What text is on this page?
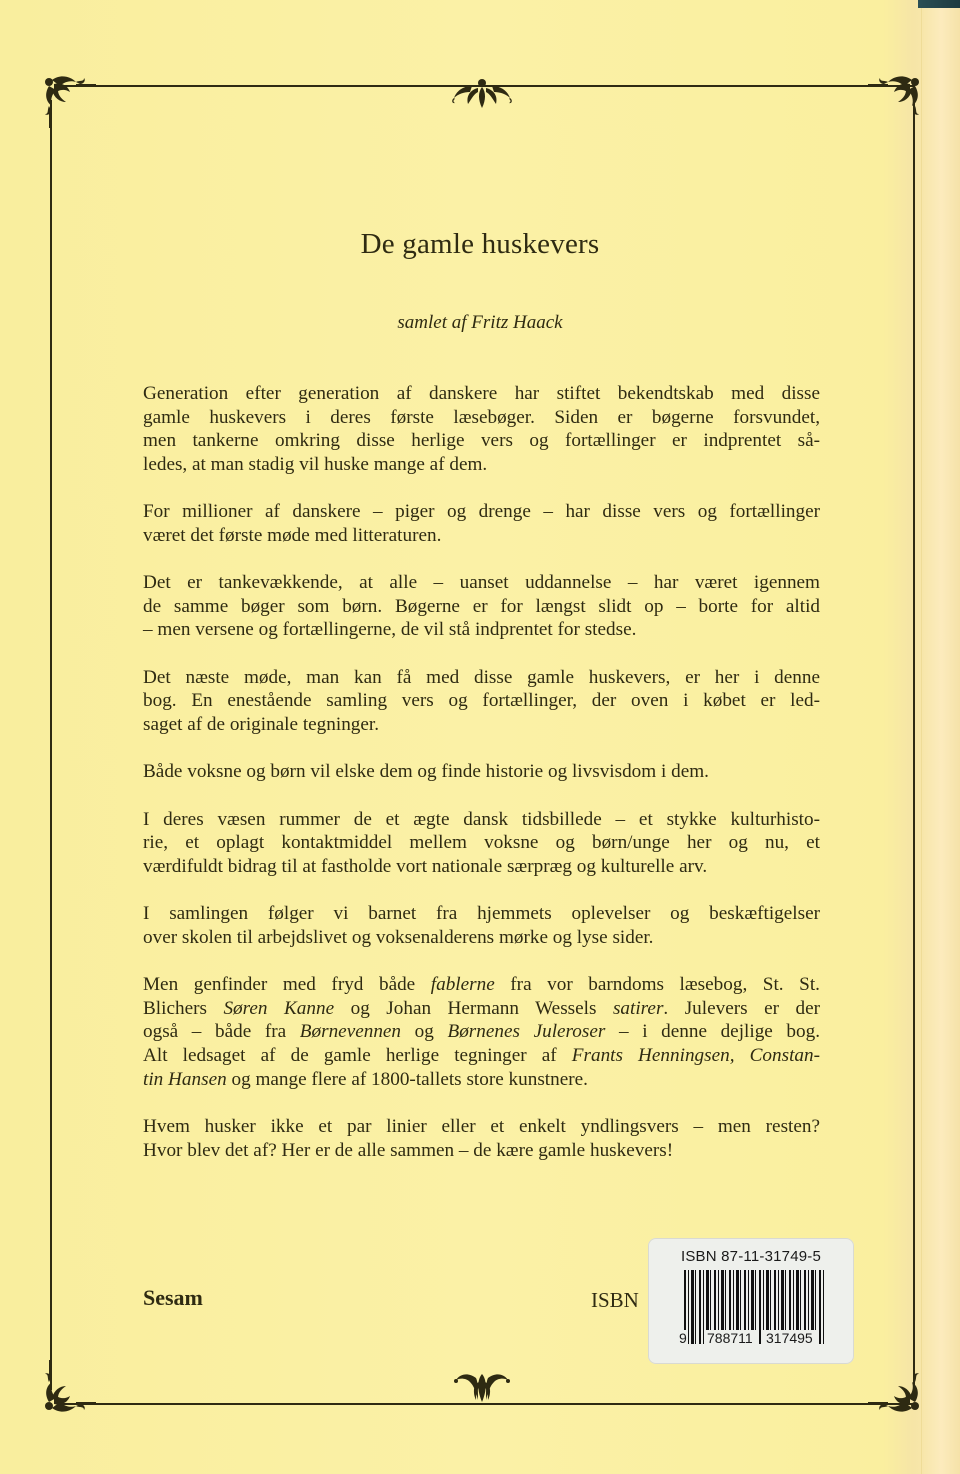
De gamle huskevers
samlet af Fritz Haack

Generation efter generation af danskere har stiftet bekendtskab med disse
gamle huskevers i deres første læsebøger. Siden er bøgerne forsvundet,
men tankerne omkring disse herlige vers og fortællinger er indprentet så-
ledes, at man stadig vil huske mange af dem.

For millioner af danskere – piger og drenge – har disse vers og fortællinger
været det første møde med litteraturen.

Det er tankevækkende, at alle – uanset uddannelse – har været igennem
de samme bøger som børn. Bøgerne er for længst slidt op – borte for altid
– men versene og fortællingerne, de vil stå indprentet for stedse.

Det næste møde, man kan få med disse gamle huskevers, er her i denne
bog. En enestående samling vers og fortællinger, der oven i købet er led-
saget af de originale tegninger.

Både voksne og børn vil elske dem og finde historie og livsvisdom i dem.

I deres væsen rummer de et ægte dansk tidsbillede – et stykke kulturhisto-
rie, et oplagt kontaktmiddel mellem voksne og børn/unge her og nu, et
værdifuldt bidrag til at fastholde vort nationale særpræg og kulturelle arv.

I samlingen følger vi barnet fra hjemmets oplevelser og beskæftigelser
over skolen til arbejdslivet og voksenalderens mørke og lyse sider.

Men genfinder med fryd både fablerne fra vor barndoms læsebog, St. St.
Blichers Søren Kanne og Johan Hermann Wessels satirer. Julevers er der
også – både fra Børnevennen og Børnenes Juleroser – i denne dejlige bog.
Alt ledsaget af de gamle herlige tegninger af Frants Henningsen, Constan-
tin Hansen og mange flere af 1800-tallets store kunstnere.

Hvem husker ikke et par linier eller et enkelt yndlingsvers – men resten?
Hvor blev det af? Her er de alle sammen – de kære gamle huskevers!

Sesam	ISBN
ISBN 87-11-31749-5
9 788711 317495
